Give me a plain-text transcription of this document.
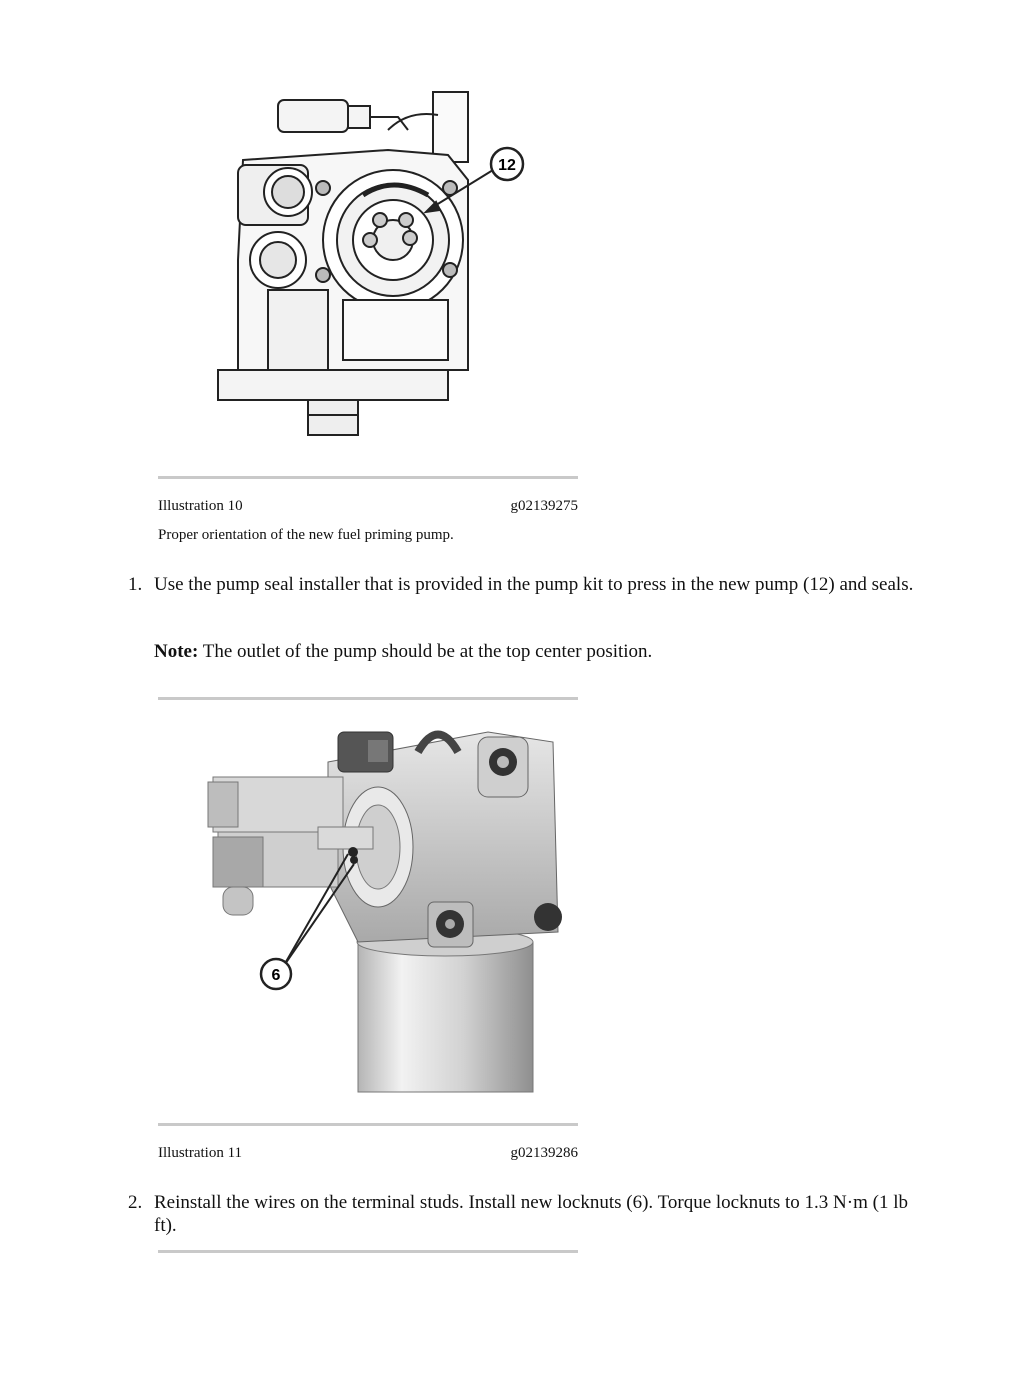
12
Illustration 10	g02139275
Proper orientation of the new fuel priming pump.
1. Use the pump seal installer that is provided in the pump kit to press in the new pump (12) and seals.
Note: The outlet of the pump should be at the top center position.
6
Illustration 11	g02139286
2. Reinstall the wires on the terminal studs. Install new locknuts (6). Torque locknuts to 1.3 N·m (1 lb ft).
